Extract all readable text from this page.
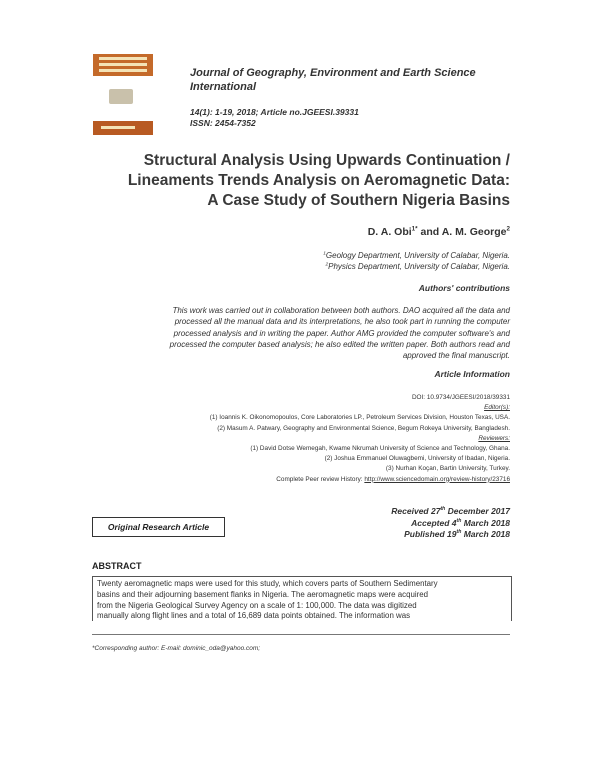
Journal of Geography, Environment and Earth Science International
14(1): 1-19, 2018; Article no.JGEESI.39331
ISSN: 2454-7352
Structural Analysis Using Upwards Continuation /
Lineaments Trends Analysis on Aeromagnetic Data:
A Case Study of Southern Nigeria Basins
D. A. Obi$^{1*}$ and A. M. George$^2$
$^1$Geology Department, University of Calabar, Nigeria.
$^2$Physics Department, University of Calabar, Nigeria.
Authors' contributions
This work was carried out in collaboration between both authors. DAO acquired all the data and
processed all the manual data and its interpretations, he also took part in running the computer
processed analysis and in writing the paper. Author AMG provided the computer software's and
processed the computer based analysis; he also edited the written paper. Both authors read and
approved the final manuscript.
Article Information
DOI: 10.9734/JGEESI/2018/39331
Editor(s):
(1) Ioannis K. Oikonomopoulos, Core Laboratories LP., Petroleum Services Division, Houston Texas, USA.
(2) Masum A. Patwary, Geography and Environmental Science, Begum Rokeya University, Bangladesh.
Reviewers:
(1) David Dotse Wemegah, Kwame Nkrumah University of Science and Technology, Ghana.
(2) Joshua Emmanuel Oluwagbemi, University of Ibadan, Nigeria.
(3) Nurhan Koçan, Bartin University, Turkey.
Complete Peer review History: http://www.sciencedomain.org/review-history/23716
Original Research Article
Received 27th December 2017
Accepted 4th March 2018
Published 19th March 2018
ABSTRACT

Twenty aeromagnetic maps were used for this study, which covers parts of Southern Sedimentary
basins and their adjourning basement flanks in Nigeria. The aeromagnetic maps were acquired
from the Nigeria Geological Survey Agency on a scale of 1: 100,000. The data was digitized
manually along flight lines and a total of 16,689 data points obtained. The information was

*Corresponding author: E-mail: dominic_oda@yahoo.com;
